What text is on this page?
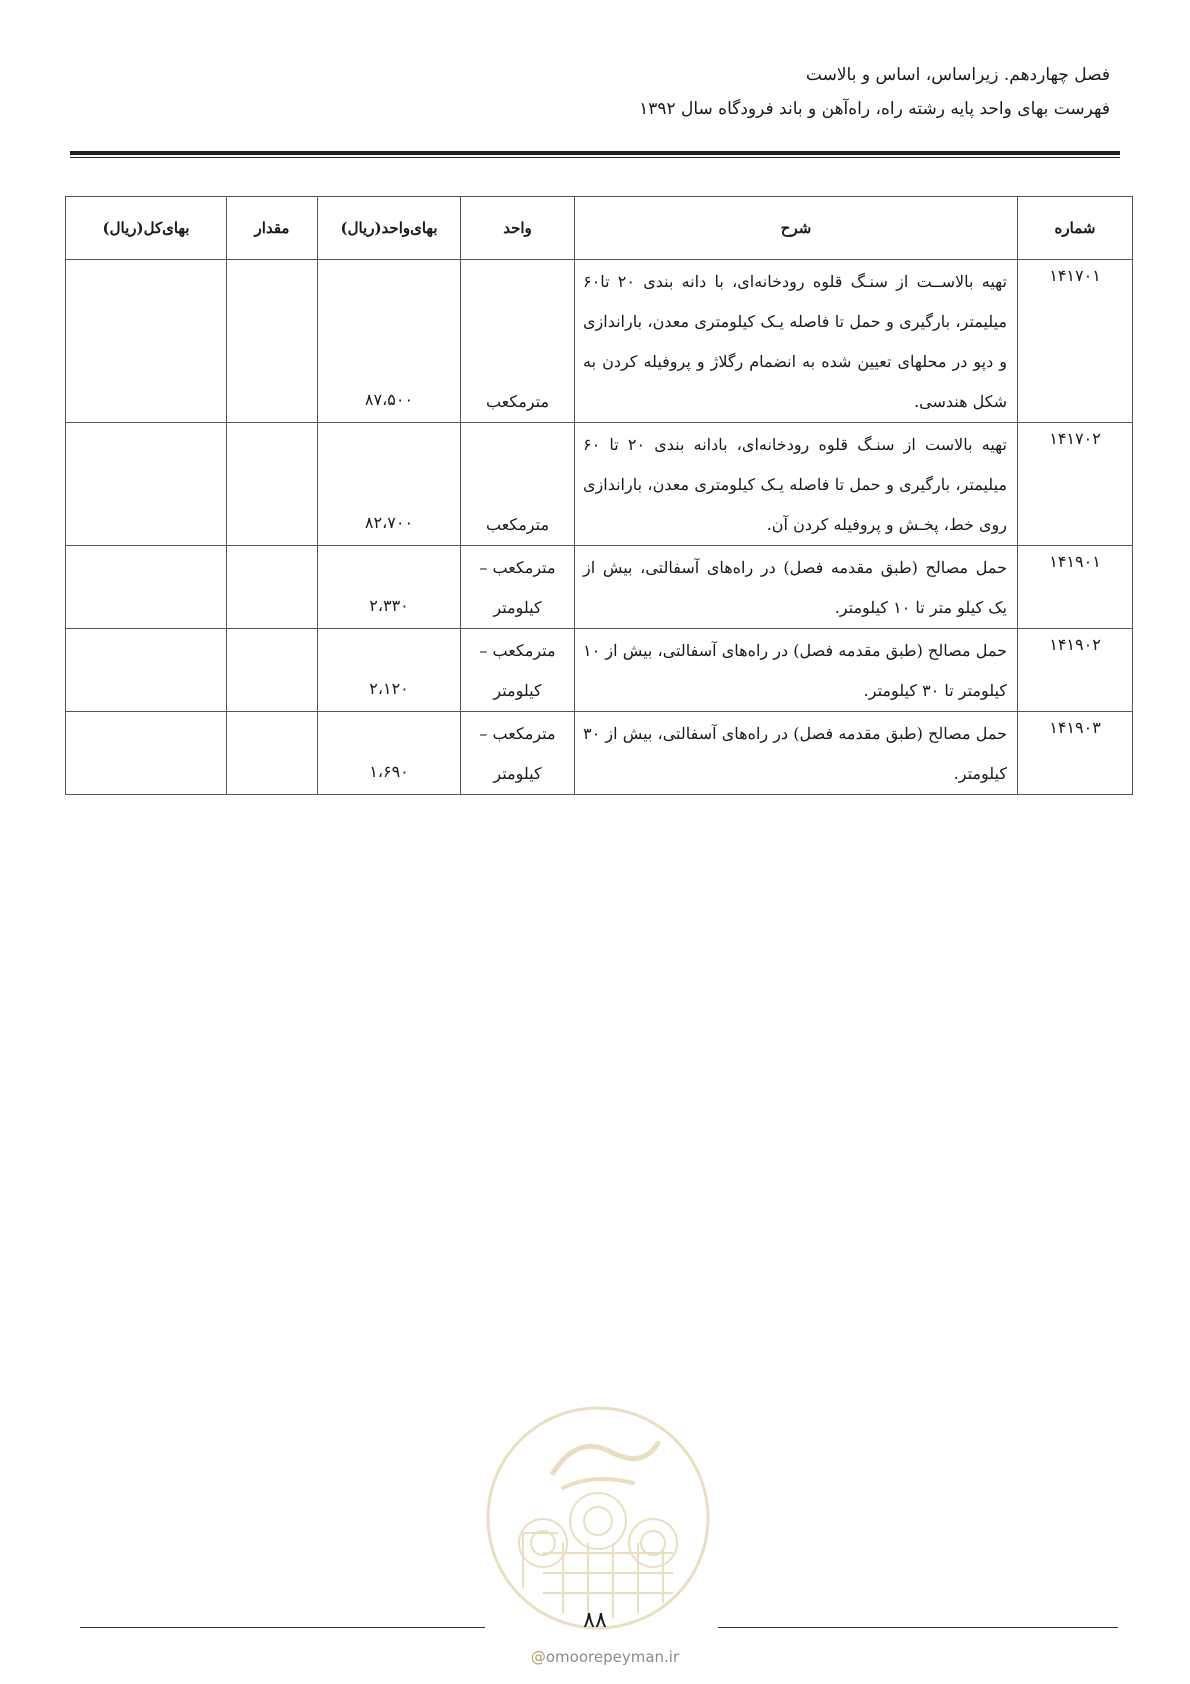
فصل چهاردهم. زیراساس، اساس و بالاست
فهرست بهای واحد پایه رشته راه، راه‌آهن و باند فرودگاه سال ۱۳۹۲
شماره	شرح	واحد	بهای‌واحد(ریال)	مقدار	بهای‌کل(ریال)
۱۴۱۷۰۱	تهیه بالاســت از سنـگ قلوه رودخانه‌ای، با دانه بندی ۲۰ تا۶۰ میلیمتر، بارگیری و حمل تا فاصله یـک کیلومتری معدن، باراندازی و دپو در محلهای تعیین شده به انضمام رگلاژ و پروفیله کردن به شکل هندسی.	مترمکعب	۸۷،۵۰۰		
۱۴۱۷۰۲	تهیه بالاست از سنـگ قلوه رودخانه‌ای، بادانه بندی ۲۰ تا ۶۰ میلیمتر، بارگیری و حمل تا فاصله یـک کیلومتری معدن، باراندازی روی خط، پخـش و پروفیله کردن آن.	مترمکعب	۸۲،۷۰۰		
۱۴۱۹۰۱	حمل مصالح (طبق مقدمه فصل) در راه‌های آسفالتی، بیش از یک کیلو متر تا ۱۰ کیلومتر.	مترمکعب – کیلومتر	۲،۳۳۰		
۱۴۱۹۰۲	حمل مصالح (طبق مقدمه فصل) در راه‌های آسفالتی، بیش از ۱۰ کیلومتر تا ۳۰ کیلومتر.	مترمکعب – کیلومتر	۲،۱۲۰		
۱۴۱۹۰۳	حمل مصالح (طبق مقدمه فصل) در راه‌های آسفالتی، بیش از ۳۰ کیلومتر.	مترمکعب – کیلومتر	۱،۶۹۰		
۸۸
@omoorepeyman.ir
